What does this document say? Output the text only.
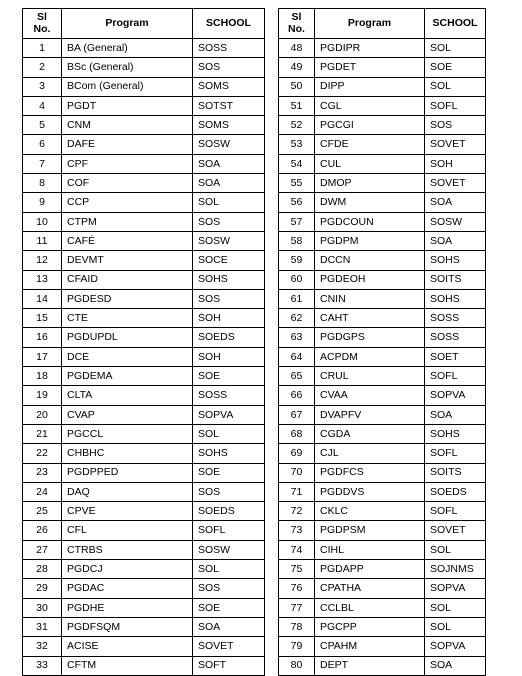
Sl
No.	Program	SCHOOL
1	BA (General)	SOSS
2	BSc (General)	SOS
3	BCom (General)	SOMS
4	PGDT	SOTST
5	CNM	SOMS
6	DAFE	SOSW
7	CPF	SOA
8	COF	SOA
9	CCP	SOL
10	CTPM	SOS
11	CAFÉ	SOSW
12	DEVMT	SOCE
13	CFAID	SOHS
14	PGDESD	SOS
15	CTE	SOH
16	PGDUPDL	SOEDS
17	DCE	SOH
18	PGDEMA	SOE
19	CLTA	SOSS
20	CVAP	SOPVA
21	PGCCL	SOL
22	CHBHC	SOHS
23	PGDPPED	SOE
24	DAQ	SOS
25	CPVE	SOEDS
26	CFL	SOFL
27	CTRBS	SOSW
28	PGDCJ	SOL
29	PGDAC	SOS
30	PGDHE	SOE
31	PGDFSQM	SOA
32	ACISE	SOVET
33	CFTM	SOFT
Sl
No.	Program	SCHOOL
48	PGDIPR	SOL
49	PGDET	SOE
50	DIPP	SOL
51	CGL	SOFL
52	PGCGI	SOS
53	CFDE	SOVET
54	CUL	SOH
55	DMOP	SOVET
56	DWM	SOA
57	PGDCOUN	SOSW
58	PGDPM	SOA
59	DCCN	SOHS
60	PGDEOH	SOITS
61	CNIN	SOHS
62	CAHT	SOSS
63	PGDGPS	SOSS
64	ACPDM	SOET
65	CRUL	SOFL
66	CVAA	SOPVA
67	DVAPFV	SOA
68	CGDA	SOHS
69	CJL	SOFL
70	PGDFCS	SOITS
71	PGDDVS	SOEDS
72	CKLC	SOFL
73	PGDPSM	SOVET
74	CIHL	SOL
75	PGDAPP	SOJNMS
76	CPATHA	SOPVA
77	CCLBL	SOL
78	PGCPP	SOL
79	CPAHM	SOPVA
80	DEPT	SOA
